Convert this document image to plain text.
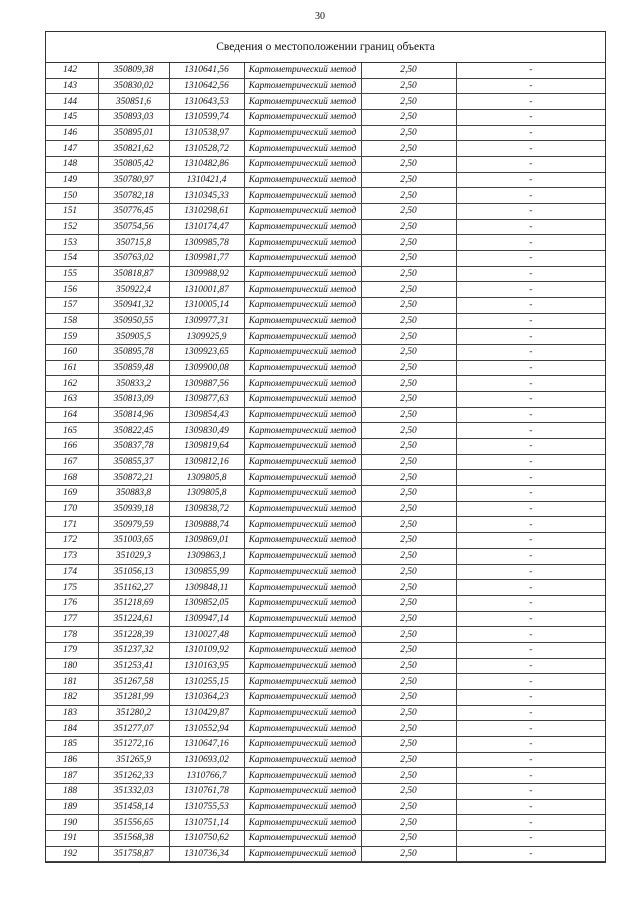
30
Сведения о местоположении границ объекта
142	350809,38	1310641,56	Картометрический метод	2,50	-
143	350830,02	1310642,56	Картометрический метод	2,50	-
144	350851,6	1310643,53	Картометрический метод	2,50	-
145	350893,03	1310599,74	Картометрический метод	2,50	-
146	350895,01	1310538,97	Картометрический метод	2,50	-
147	350821,62	1310528,72	Картометрический метод	2,50	-
148	350805,42	1310482,86	Картометрический метод	2,50	-
149	350780,97	1310421,4	Картометрический метод	2,50	-
150	350782,18	1310345,33	Картометрический метод	2,50	-
151	350776,45	1310298,61	Картометрический метод	2,50	-
152	350754,56	1310174,47	Картометрический метод	2,50	-
153	350715,8	1309985,78	Картометрический метод	2,50	-
154	350763,02	1309981,77	Картометрический метод	2,50	-
155	350818,87	1309988,92	Картометрический метод	2,50	-
156	350922,4	1310001,87	Картометрический метод	2,50	-
157	350941,32	1310005,14	Картометрический метод	2,50	-
158	350950,55	1309977,31	Картометрический метод	2,50	-
159	350905,5	1309925,9	Картометрический метод	2,50	-
160	350895,78	1309923,65	Картометрический метод	2,50	-
161	350859,48	1309900,08	Картометрический метод	2,50	-
162	350833,2	1309887,56	Картометрический метод	2,50	-
163	350813,09	1309877,63	Картометрический метод	2,50	-
164	350814,96	1309854,43	Картометрический метод	2,50	-
165	350822,45	1309830,49	Картометрический метод	2,50	-
166	350837,78	1309819,64	Картометрический метод	2,50	-
167	350855,37	1309812,16	Картометрический метод	2,50	-
168	350872,21	1309805,8	Картометрический метод	2,50	-
169	350883,8	1309805,8	Картометрический метод	2,50	-
170	350939,18	1309838,72	Картометрический метод	2,50	-
171	350979,59	1309888,74	Картометрический метод	2,50	-
172	351003,65	1309869,01	Картометрический метод	2,50	-
173	351029,3	1309863,1	Картометрический метод	2,50	-
174	351056,13	1309855,99	Картометрический метод	2,50	-
175	351162,27	1309848,11	Картометрический метод	2,50	-
176	351218,69	1309852,05	Картометрический метод	2,50	-
177	351224,61	1309947,14	Картометрический метод	2,50	-
178	351228,39	1310027,48	Картометрический метод	2,50	-
179	351237,32	1310109,92	Картометрический метод	2,50	-
180	351253,41	1310163,95	Картометрический метод	2,50	-
181	351267,58	1310255,15	Картометрический метод	2,50	-
182	351281,99	1310364,23	Картометрический метод	2,50	-
183	351280,2	1310429,87	Картометрический метод	2,50	-
184	351277,07	1310552,94	Картометрический метод	2,50	-
185	351272,16	1310647,16	Картометрический метод	2,50	-
186	351265,9	1310693,02	Картометрический метод	2,50	-
187	351262,33	1310766,7	Картометрический метод	2,50	-
188	351332,03	1310761,78	Картометрический метод	2,50	-
189	351458,14	1310755,53	Картометрический метод	2,50	-
190	351556,65	1310751,14	Картометрический метод	2,50	-
191	351568,38	1310750,62	Картометрический метод	2,50	-
192	351758,87	1310736,34	Картометрический метод	2,50	-
